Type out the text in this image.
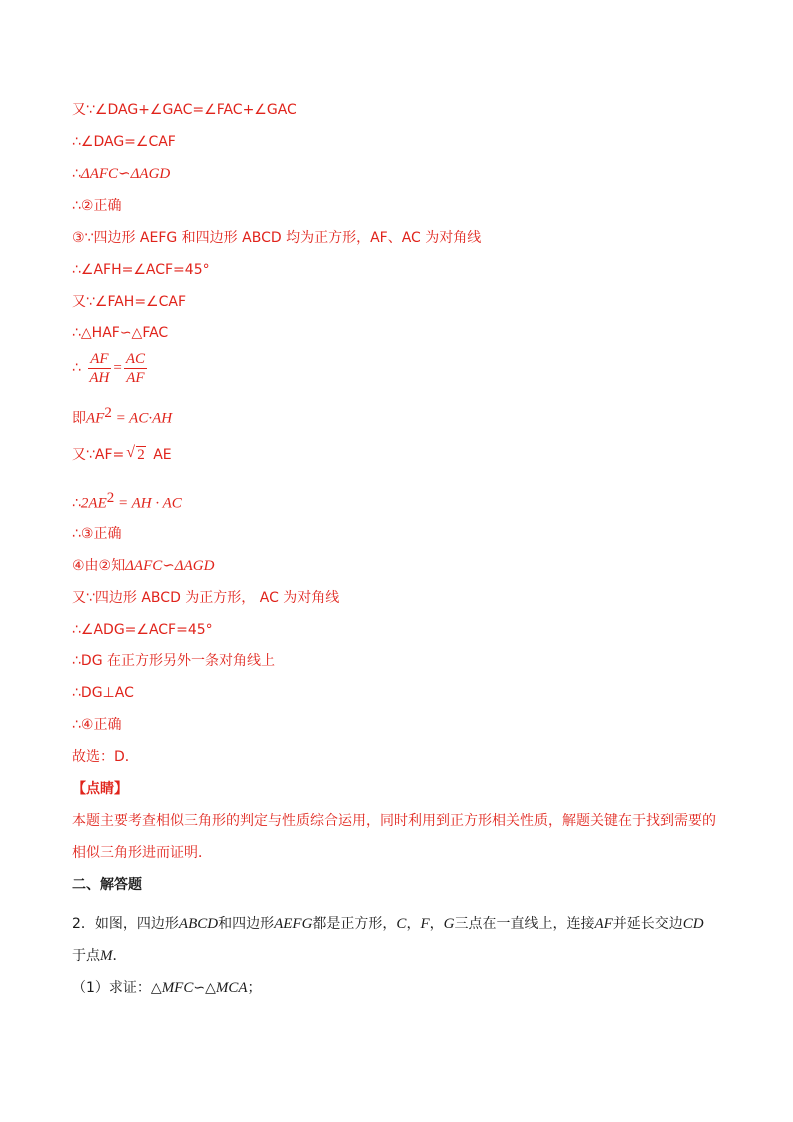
又∵∠DAG+∠GAC=∠FAC+∠GAC
∴∠DAG=∠CAF
∴ΔAFC∽ΔAGD
∴②正确
③∵四边形 AEFG 和四边形 ABCD 均为正方形，AF、AC 为对角线
∴∠AFH=∠ACF=45°
又∵∠FAH=∠CAF
∴△HAF∽△FAC
∴ $\frac{AF}{AH} = \frac{AC}{AF}$
即$AF^2 = AC\cdot AH$
又∵AF=√ 2 AE
$\therefore 2AE^2$ = AH · AC
∴③正确
④由②知ΔAFC∽ΔAGD
又∵四边形 ABCD 为正方形， AC 为对角线
∴∠ADG=∠ACF=45°
∴DG 在正方形另外一条对角线上
∴DG⊥AC
∴④正确
故选：D．
【点睛】
本题主要考查相似三角形的判定与性质综合运用，同时利用到正方形相关性质，解题关键在于找到需要的
相似三角形进而证明．
二、解答题
2．如图，四边形ABCD和四边形AEFG都是正方形，C，F，G三点在一直线上，连接AF并延长交边CD
于点M．
（1）求证：△MFC∽△MCA；
